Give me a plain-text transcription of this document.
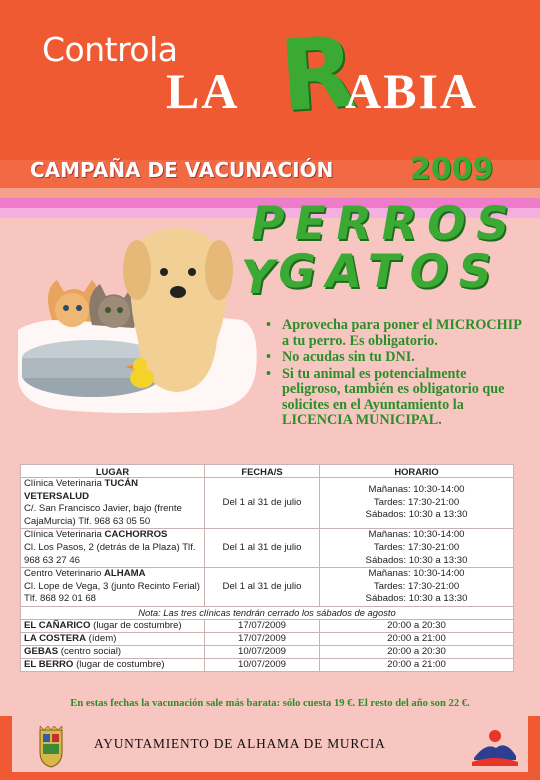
Controla
LA R
ABIA
CAMPAÑA DE VACUNACIÓN	2009
PERROS Y
GATOS
• Aprovecha para poner el MICROCHIP a tu perro. Es obligatorio.
• No acudas sin tu DNI.
• Si tu animal es potencialmente peligroso, también es obligatorio que solicites en el Ayuntamiento la LICENCIA MUNICIPAL.
LUGAR	FECHA/S	HORARIO
Clínica Veterinaria TUCÁN VETERSALUD
C/. San Francisco Javier, bajo (frente CajaMurcia) Tlf. 968 63 05 50	Del 1 al 31 de julio	Mañanas: 10:30-14:00
Tardes: 17:30-21:00
Sábados: 10:30 a 13:30
Clínica Veterinaria CACHORROS
Cl. Los Pasos, 2 (detrás de la Plaza) Tlf. 968 63 27 46	Del 1 al 31 de julio	Mañanas: 10:30-14:00
Tardes: 17:30-21:00
Sábados: 10:30 a 13:30
Centro Veterinario ALHAMA
Cl. Lope de Vega, 3 (junto Recinto Ferial) Tlf. 868 92 01 68	Del 1 al 31 de julio	Mañanas: 10:30-14:00
Tardes: 17:30-21:00
Sábados: 10:30 a 13:30
Nota: Las tres clínicas tendrán cerrado los sábados de agosto		
EL CAÑARICO (lugar de costumbre)	17/07/2009	20:00 a 20:30
LA COSTERA (ídem)	17/07/2009	20:00 a 21:00
GEBAS (centro social)	10/07/2009	20:00 a 20:30
EL BERRO (lugar de costumbre)	10/07/2009	20:00 a 21:00
En estas fechas la vacunación sale más barata: sólo cuesta 19 €. El resto del año son 22 €.
AYUNTAMIENTO DE ALHAMA DE MURCIA
